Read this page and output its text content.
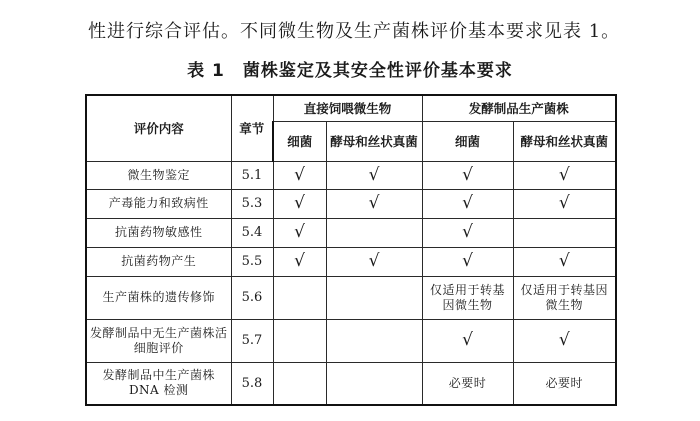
性进行综合评估。不同微生物及生产菌株评价基本要求见表 1。
表 1　菌株鉴定及其安全性评价基本要求
评价内容	章节	直接饲喂微生物		发酵制品生产菌株	
		细菌	酵母和丝状真菌	细菌	酵母和丝状真菌
微生物鉴定	5.1	√	√	√	√
产毒能力和致病性	5.3	√	√	√	√
抗菌药物敏感性	5.4	√		√	
抗菌药物产生	5.5	√	√	√	√
生产菌株的遗传修饰	5.6			仅适用于转基因微生物	仅适用于转基因微生物
发酵制品中无生产菌株活细胞评价	5.7			√	√
发酵制品中生产菌株 DNA 检测	5.8			必要时	必要时
